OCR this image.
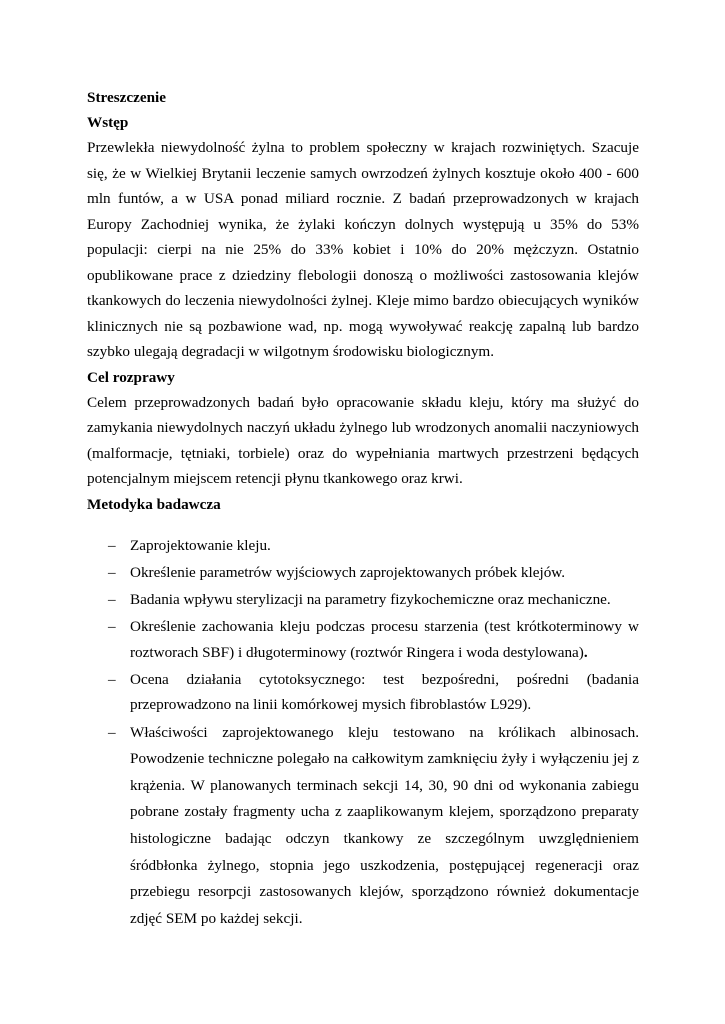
Streszczenie
Wstęp

Przewlekła niewydolność żylna to problem społeczny w krajach rozwiniętych. Szacuje się, że w Wielkiej Brytanii leczenie samych owrzodzeń żylnych kosztuje około 400 - 600 mln funtów, a w USA ponad miliard rocznie. Z badań przeprowadzonych w krajach Europy Zachodniej wynika, że żylaki kończyn dolnych występują u 35% do 53% populacji: cierpi na nie 25% do 33% kobiet i 10% do 20% mężczyzn. Ostatnio opublikowane prace z dziedziny flebologii donoszą o możliwości zastosowania klejów tkankowych do leczenia niewydolności żylnej. Kleje mimo bardzo obiecujących wyników klinicznych nie są pozbawione wad, np. mogą wywoływać reakcję zapalną lub bardzo szybko ulegają degradacji w wilgotnym środowisku biologicznym.

Cel rozprawy

Celem przeprowadzonych badań było opracowanie składu kleju, który ma służyć do zamykania niewydolnych naczyń układu żylnego lub wrodzonych anomalii naczyniowych (malformacje, tętniaki, torbiele) oraz do wypełniania martwych przestrzeni będących potencjalnym miejscem retencji płynu tkankowego oraz krwi.

Metodyka badawcza
– Zaprojektowanie kleju.
– Określenie parametrów wyjściowych zaprojektowanych próbek klejów.
– Badania wpływu sterylizacji na parametry fizykochemiczne oraz mechaniczne.
– Określenie zachowania kleju podczas procesu starzenia (test krótkoterminowy w roztworach SBF) i długoterminowy (roztwór Ringera i woda destylowana).
– Ocena działania cytotoksycznego: test bezpośredni, pośredni (badania przeprowadzono na linii komórkowej mysich fibroblastów L929).
– Właściwości zaprojektowanego kleju testowano na królikach albinosach. Powodzenie techniczne polegało na całkowitym zamknięciu żyły i wyłączeniu jej z krążenia. W planowanych terminach sekcji 14, 30, 90 dni od wykonania zabiegu pobrane zostały fragmenty ucha z zaaplikowanym klejem, sporządzono preparaty histologiczne badając odczyn tkankowy ze szczególnym uwzględnieniem śródbłonka żylnego, stopnia jego uszkodzenia, postępującej regeneracji oraz przebiegu resorpcji zastosowanych klejów, sporządzono również dokumentacje zdjęć SEM po każdej sekcji.
